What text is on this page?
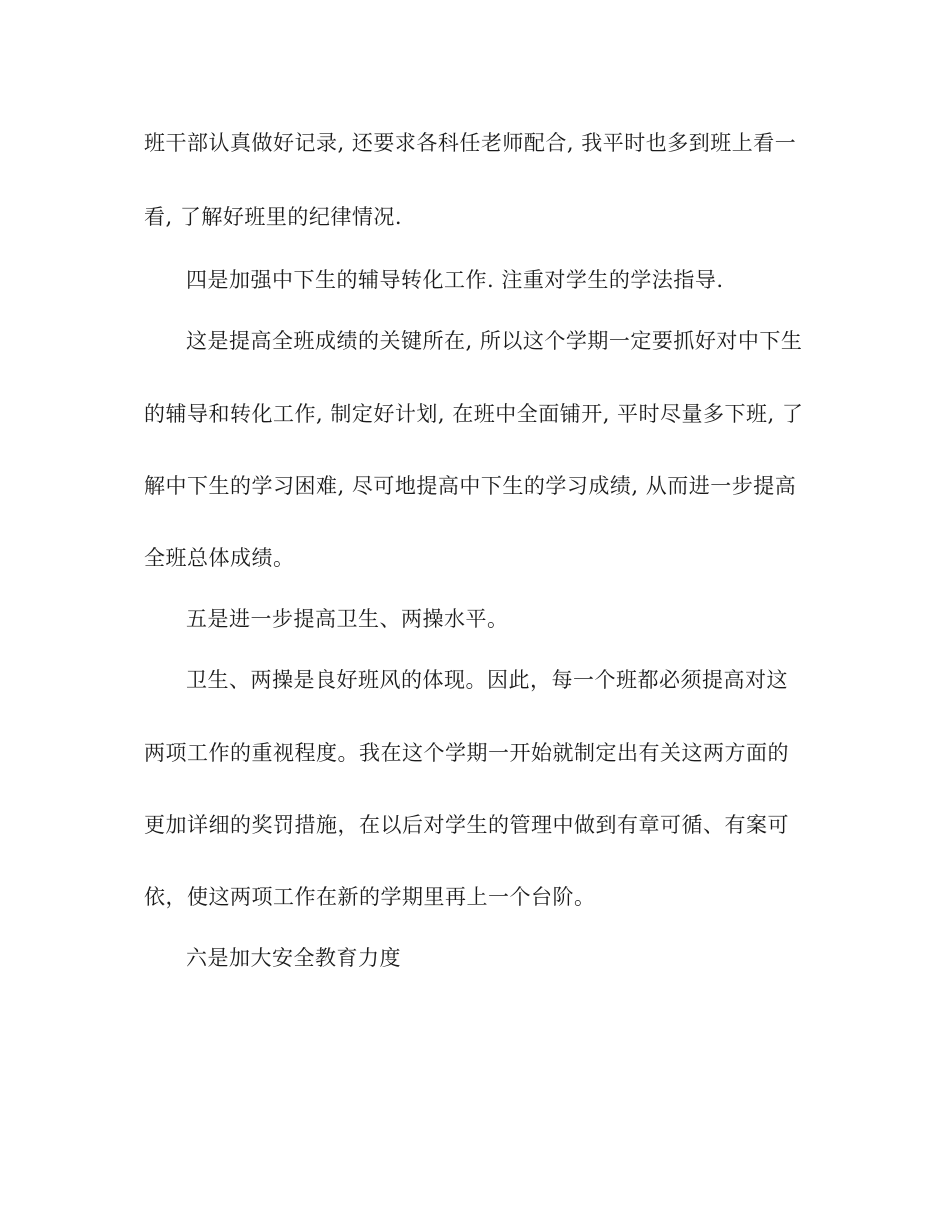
班干部认真做好记录, 还要求各科任老师配合, 我平时也多到班上看一
看, 了解好班里的纪律情况.
四是加强中下生的辅导转化工作. 注重对学生的学法指导.
这是提高全班成绩的关键所在, 所以这个学期一定要抓好对中下生
的辅导和转化工作, 制定好计划, 在班中全面铺开, 平时尽量多下班, 了
解中下生的学习困难, 尽可地提高中下生的学习成绩, 从而进一步提高
全班总体成绩。
五是进一步提高卫生、两操水平。
卫生、两操是良好班风的体现。因此，每一个班都必须提高对这
两项工作的重视程度。我在这个学期一开始就制定出有关这两方面的
更加详细的奖罚措施，在以后对学生的管理中做到有章可循、有案可
依，使这两项工作在新的学期里再上一个台阶。
六是加大安全教育力度
